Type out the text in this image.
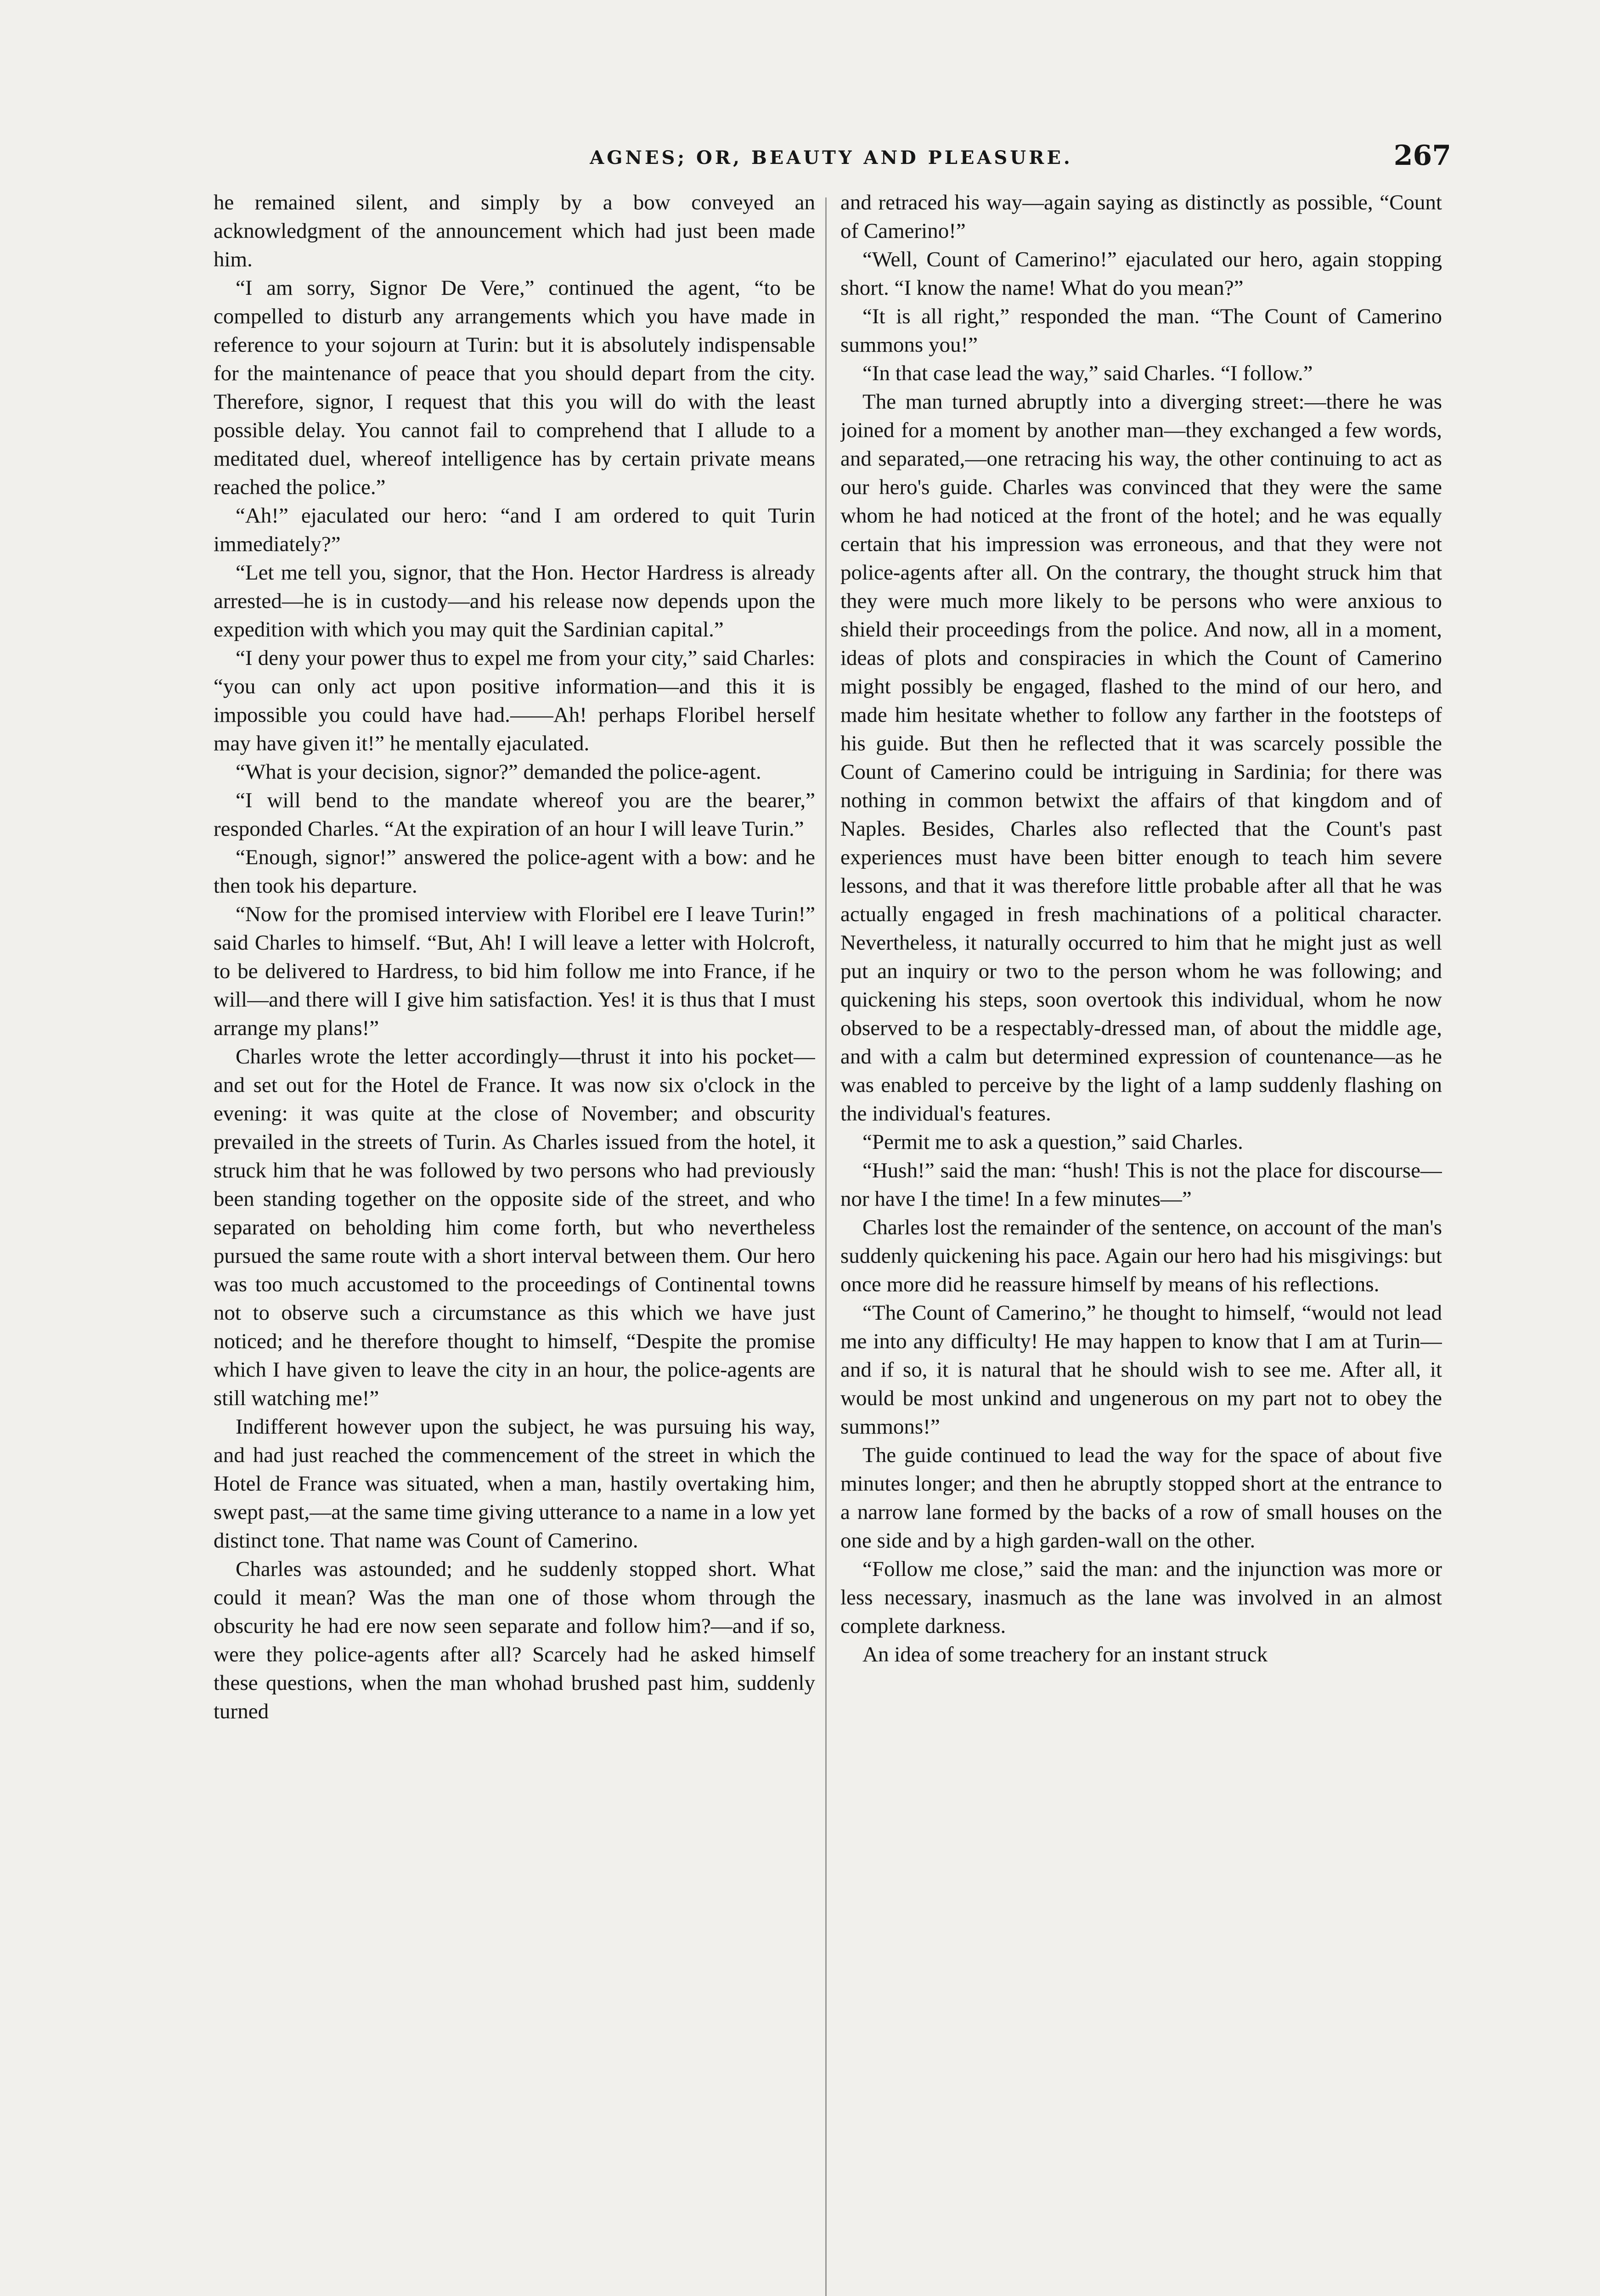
AGNES; OR, BEAUTY AND PLEASURE.	267

he remained silent, and simply by a bow conveyed an acknowledgment of the announcement which had just been made him.

“I am sorry, Signor De Vere,” continued the agent, “to be compelled to disturb any arrangements which you have made in reference to your sojourn at Turin: but it is absolutely indispensable for the maintenance of peace that you should depart from the city. Therefore, signor, I request that this you will do with the least possible delay. You cannot fail to comprehend that I allude to a meditated duel, whereof intelligence has by certain private means reached the police.”

“Ah!” ejaculated our hero: “and I am ordered to quit Turin immediately?”

“Let me tell you, signor, that the Hon. Hector Hardress is already arrested—he is in custody—and his release now depends upon the expedition with which you may quit the Sardinian capital.”

“I deny your power thus to expel me from your city,” said Charles: “you can only act upon positive information—and this it is impossible you could have had.——Ah! perhaps Floribel herself may have given it!” he mentally ejaculated.

“What is your decision, signor?” demanded the police-agent.

“I will bend to the mandate whereof you are the bearer,” responded Charles. “At the expiration of an hour I will leave Turin.”

“Enough, signor!” answered the police-agent with a bow: and he then took his departure.

“Now for the promised interview with Floribel ere I leave Turin!” said Charles to himself. “But, Ah! I will leave a letter with Holcroft, to be delivered to Hardress, to bid him follow me into France, if he will—and there will I give him satisfaction. Yes! it is thus that I must arrange my plans!”

Charles wrote the letter accordingly—thrust it into his pocket—and set out for the Hotel de France. It was now six o'clock in the evening: it was quite at the close of November; and obscurity prevailed in the streets of Turin. As Charles issued from the hotel, it struck him that he was followed by two persons who had previously been standing together on the opposite side of the street, and who separated on beholding him come forth, but who nevertheless pursued the same route with a short interval between them. Our hero was too much accustomed to the proceedings of Continental towns not to observe such a circumstance as this which we have just noticed; and he therefore thought to himself, “Despite the promise which I have given to leave the city in an hour, the police-agents are still watching me!”

Indifferent however upon the subject, he was pursuing his way, and had just reached the commencement of the street in which the Hotel de France was situated, when a man, hastily overtaking him, swept past,—at the same time giving utterance to a name in a low yet distinct tone. That name was Count of Camerino.

Charles was astounded; and he suddenly stopped short. What could it mean? Was the man one of those whom through the obscurity he had ere now seen separate and follow him?—and if so, were they police-agents after all? Scarcely had he asked himself these questions, when the man whohad brushed past him, suddenly turned

and retraced his way—again saying as distinctly as possible, “Count of Camerino!”

“Well, Count of Camerino!” ejaculated our hero, again stopping short. “I know the name! What do you mean?”

“It is all right,” responded the man. “The Count of Camerino summons you!”

“In that case lead the way,” said Charles. “I follow.”

The man turned abruptly into a diverging street:—there he was joined for a moment by another man—they exchanged a few words, and separated,—one retracing his way, the other continuing to act as our hero's guide. Charles was convinced that they were the same whom he had noticed at the front of the hotel; and he was equally certain that his impression was erroneous, and that they were not police-agents after all. On the contrary, the thought struck him that they were much more likely to be persons who were anxious to shield their proceedings from the police. And now, all in a moment, ideas of plots and conspiracies in which the Count of Camerino might possibly be engaged, flashed to the mind of our hero, and made him hesitate whether to follow any farther in the footsteps of his guide. But then he reflected that it was scarcely possible the Count of Camerino could be intriguing in Sardinia; for there was nothing in common betwixt the affairs of that kingdom and of Naples. Besides, Charles also reflected that the Count's past experiences must have been bitter enough to teach him severe lessons, and that it was therefore little probable after all that he was actually engaged in fresh machinations of a political character. Nevertheless, it naturally occurred to him that he might just as well put an inquiry or two to the person whom he was following; and quickening his steps, soon overtook this individual, whom he now observed to be a respectably-dressed man, of about the middle age, and with a calm but determined expression of countenance—as he was enabled to perceive by the light of a lamp suddenly flashing on the individual's features.

“Permit me to ask a question,” said Charles.

“Hush!” said the man: “hush! This is not the place for discourse—nor have I the time! In a few minutes—”

Charles lost the remainder of the sentence, on account of the man's suddenly quickening his pace. Again our hero had his misgivings: but once more did he reassure himself by means of his reflections.

“The Count of Camerino,” he thought to himself, “would not lead me into any difficulty! He may happen to know that I am at Turin—and if so, it is natural that he should wish to see me. After all, it would be most unkind and ungenerous on my part not to obey the summons!”

The guide continued to lead the way for the space of about five minutes longer; and then he abruptly stopped short at the entrance to a narrow lane formed by the backs of a row of small houses on the one side and by a high garden-wall on the other.

“Follow me close,” said the man: and the injunction was more or less necessary, inasmuch as the lane was involved in an almost complete darkness.

An idea of some treachery for an instant struck
